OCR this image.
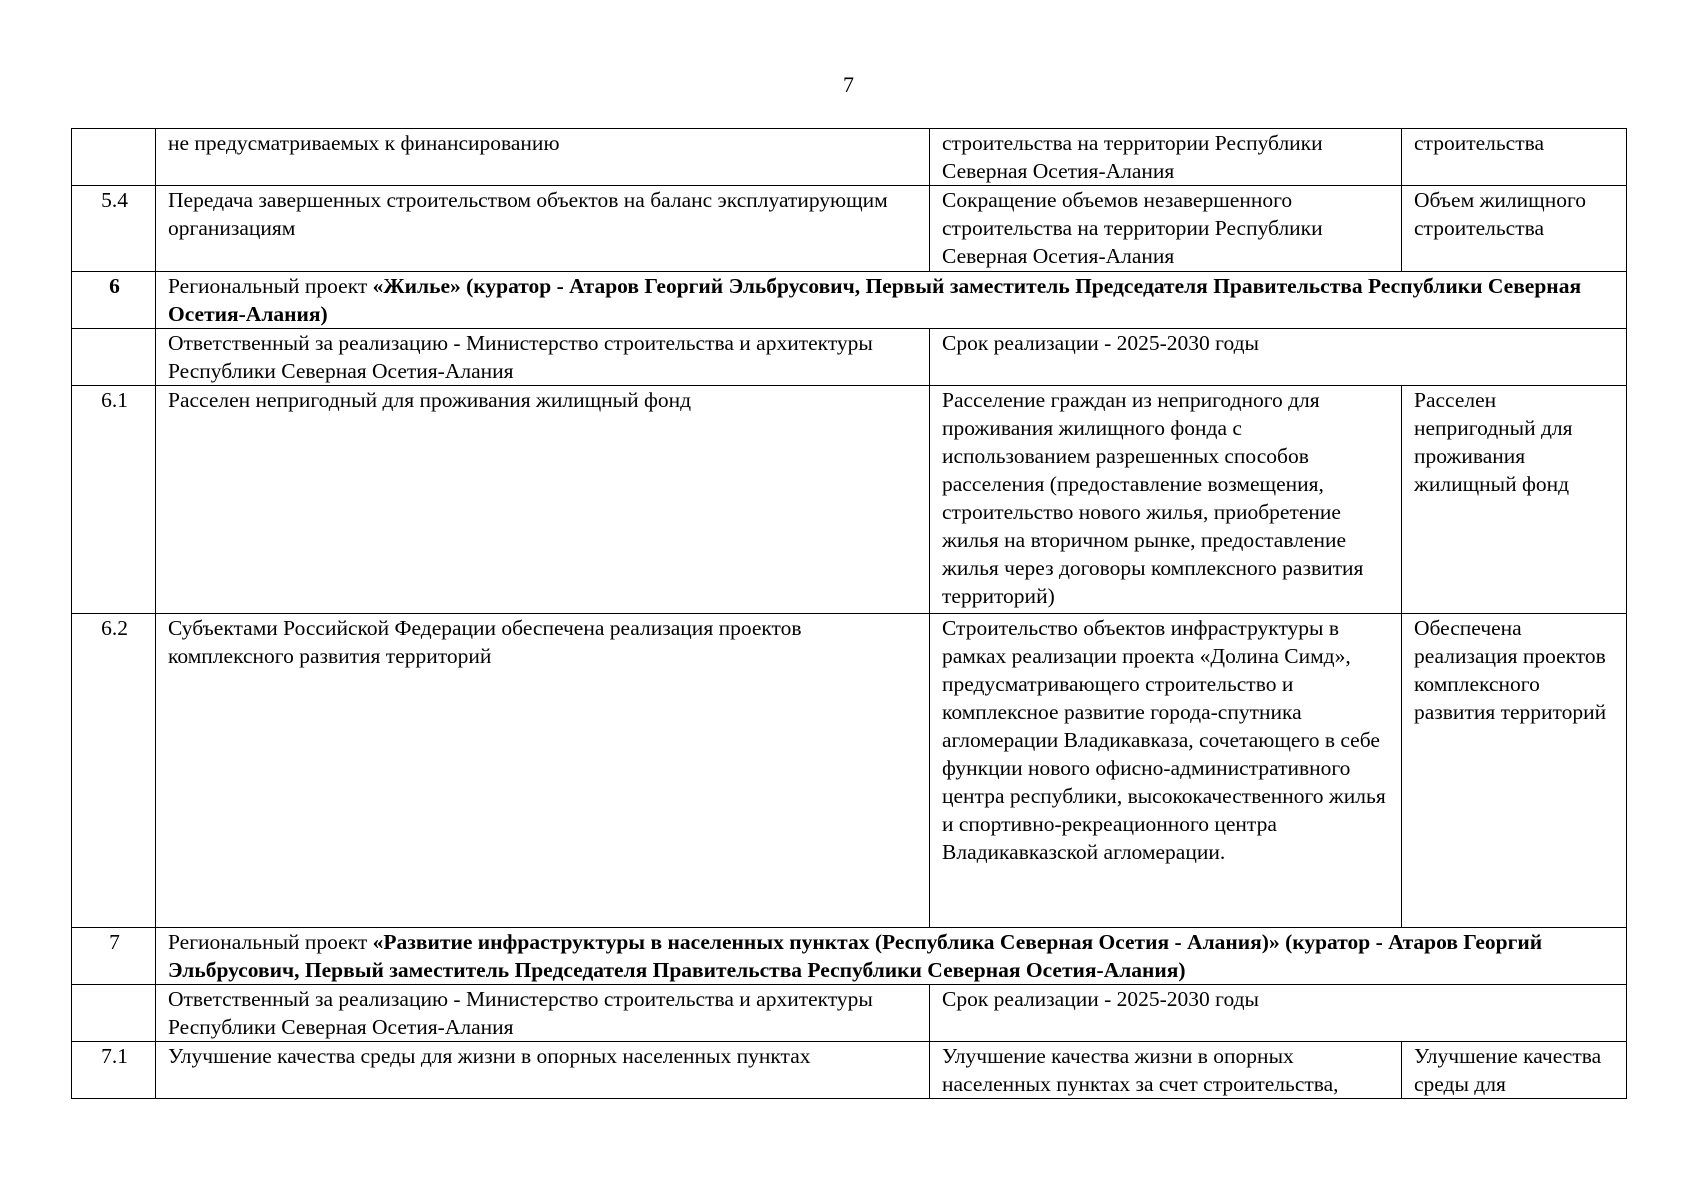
7
	не предусматриваемых к финансированию	строительства на территории Республики Северная Осетия-Алания	строительства
5.4	Передача завершенных строительством объектов на баланс эксплуатирующим организациям	Сокращение объемов незавершенного строительства на территории Республики Северная Осетия-Алания	Объем жилищного строительства
6	Региональный проект «Жилье» (куратор - Атаров Георгий Эльбрусович, Первый заместитель Председателя Правительства Республики Северная Осетия-Алания)		
	Ответственный за реализацию - Министерство строительства и архитектуры Республики Северная Осетия-Алания	Срок реализации - 2025-2030 годы	
6.1	Расселен непригодный для проживания жилищный фонд	Расселение граждан из непригодного для проживания жилищного фонда с использованием разрешенных способов расселения (предоставление возмещения, строительство нового жилья, приобретение жилья на вторичном рынке, предоставление жилья через договоры комплексного развития территорий)	Расселен непригодный для проживания жилищный фонд
6.2	Субъектами Российской Федерации обеспечена реализация проектов комплексного развития территорий	Строительство объектов инфраструктуры в рамках реализации проекта «Долина Симд», предусматривающего строительство и комплексное развитие города-спутника агломерации Владикавказа, сочетающего в себе функции нового офисно-административного центра республики, высококачественного жилья и спортивно-рекреационного центра Владикавказской агломерации.	Обеспечена реализация проектов комплексного развития территорий
7	Региональный проект «Развитие инфраструктуры в населенных пунктах (Республика Северная Осетия - Алания)» (куратор - Атаров Георгий Эльбрусович, Первый заместитель Председателя Правительства Республики Северная Осетия-Алания)		
	Ответственный за реализацию - Министерство строительства и архитектуры Республики Северная Осетия-Алания	Срок реализации - 2025-2030 годы	
7.1	Улучшение качества среды для жизни в опорных населенных пунктах	Улучшение качества жизни в опорных населенных пунктах за счет строительства,	Улучшение качества среды для
